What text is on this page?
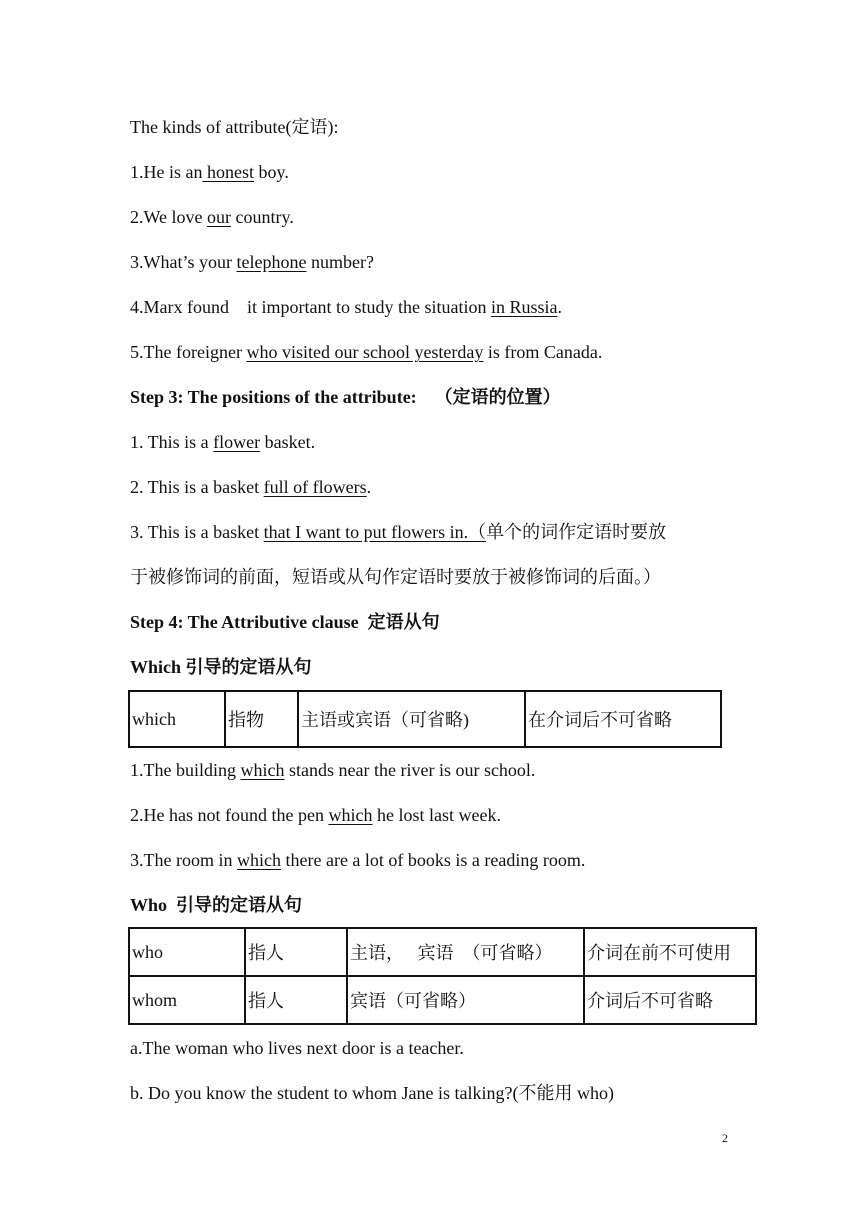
The kinds of attribute(定语):
1.He is an honest boy.
2.We love our country.
3.What’s your telephone number?
4.Marx found    it important to study the situation in Russia.
5.The foreigner who visited our school yesterday is from Canada.
Step 3: The positions of the attribute:    （定语的位置）
1. This is a flower basket.
2. This is a basket full of flowers.
3. This is a basket that I want to put flowers in.（单个的词作定语时要放
于被修饰词的前面，短语或从句作定语时要放于被修饰词的后面。）
Step 4: The Attributive clause  定语从句
Which 引导的定语从句
which	指物	主语或宾语（可省略)	在介词后不可省略
1.The building which stands near the river is our school.
2.He has not found the pen which he lost last week.
3.The room in which there are a lot of books is a reading room.
Who  引导的定语从句
who	指人	主语，   宾语  （可省略）	介词在前不可使用
whom	指人	宾语（可省略）	介词后不可省略
a.The woman who lives next door is a teacher.
b. Do you know the student to whom Jane is talking?(不能用 who)
2
